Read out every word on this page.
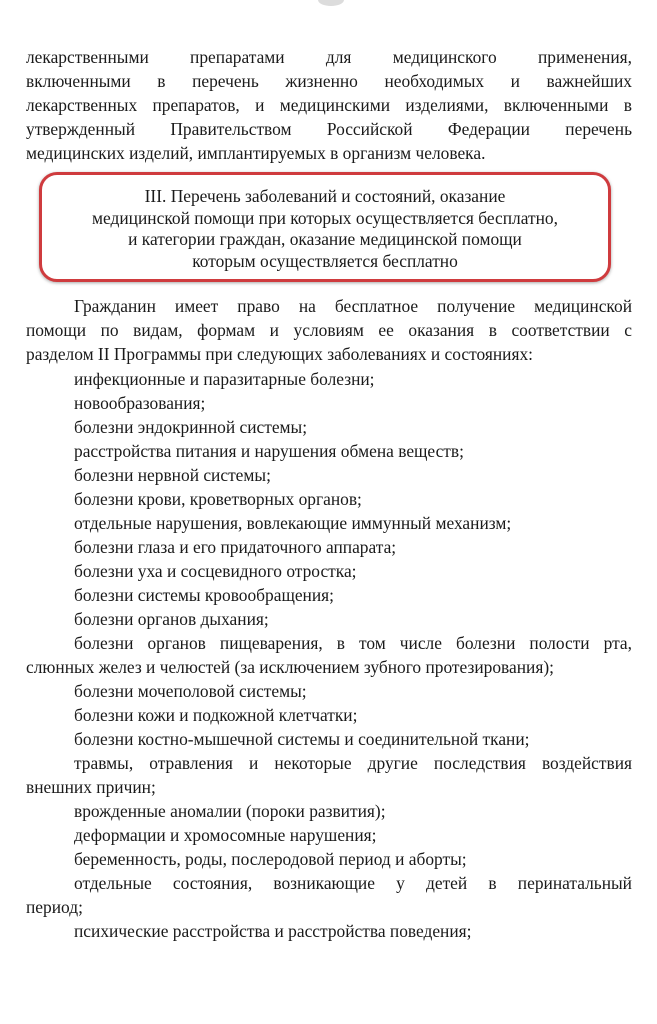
лекарственными препаратами для медицинского применения,
включенными в перечень жизненно необходимых и важнейших
лекарственных препаратов, и медицинскими изделиями, включенными в
утвержденный Правительством Российской Федерации перечень
медицинских изделий, имплантируемых в организм человека.
III. Перечень заболеваний и состояний, оказание
медицинской помощи при которых осуществляется бесплатно,
и категории граждан, оказание медицинской помощи
которым осуществляется бесплатно
Гражданин имеет право на бесплатное получение медицинской
помощи по видам, формам и условиям ее оказания в соответствии с
разделом II Программы при следующих заболеваниях и состояниях:
инфекционные и паразитарные болезни;
новообразования;
болезни эндокринной системы;
расстройства питания и нарушения обмена веществ;
болезни нервной системы;
болезни крови, кроветворных органов;
отдельные нарушения, вовлекающие иммунный механизм;
болезни глаза и его придаточного аппарата;
болезни уха и сосцевидного отростка;
болезни системы кровообращения;
болезни органов дыхания;
болезни органов пищеварения, в том числе болезни полости рта,
слюнных желез и челюстей (за исключением зубного протезирования);
болезни мочеполовой системы;
болезни кожи и подкожной клетчатки;
болезни костно-мышечной системы и соединительной ткани;
травмы, отравления и некоторые другие последствия воздействия
внешних причин;
врожденные аномалии (пороки развития);
деформации и хромосомные нарушения;
беременность, роды, послеродовой период и аборты;
отдельные состояния, возникающие у детей в перинатальный
период;
психические расстройства и расстройства поведения;
